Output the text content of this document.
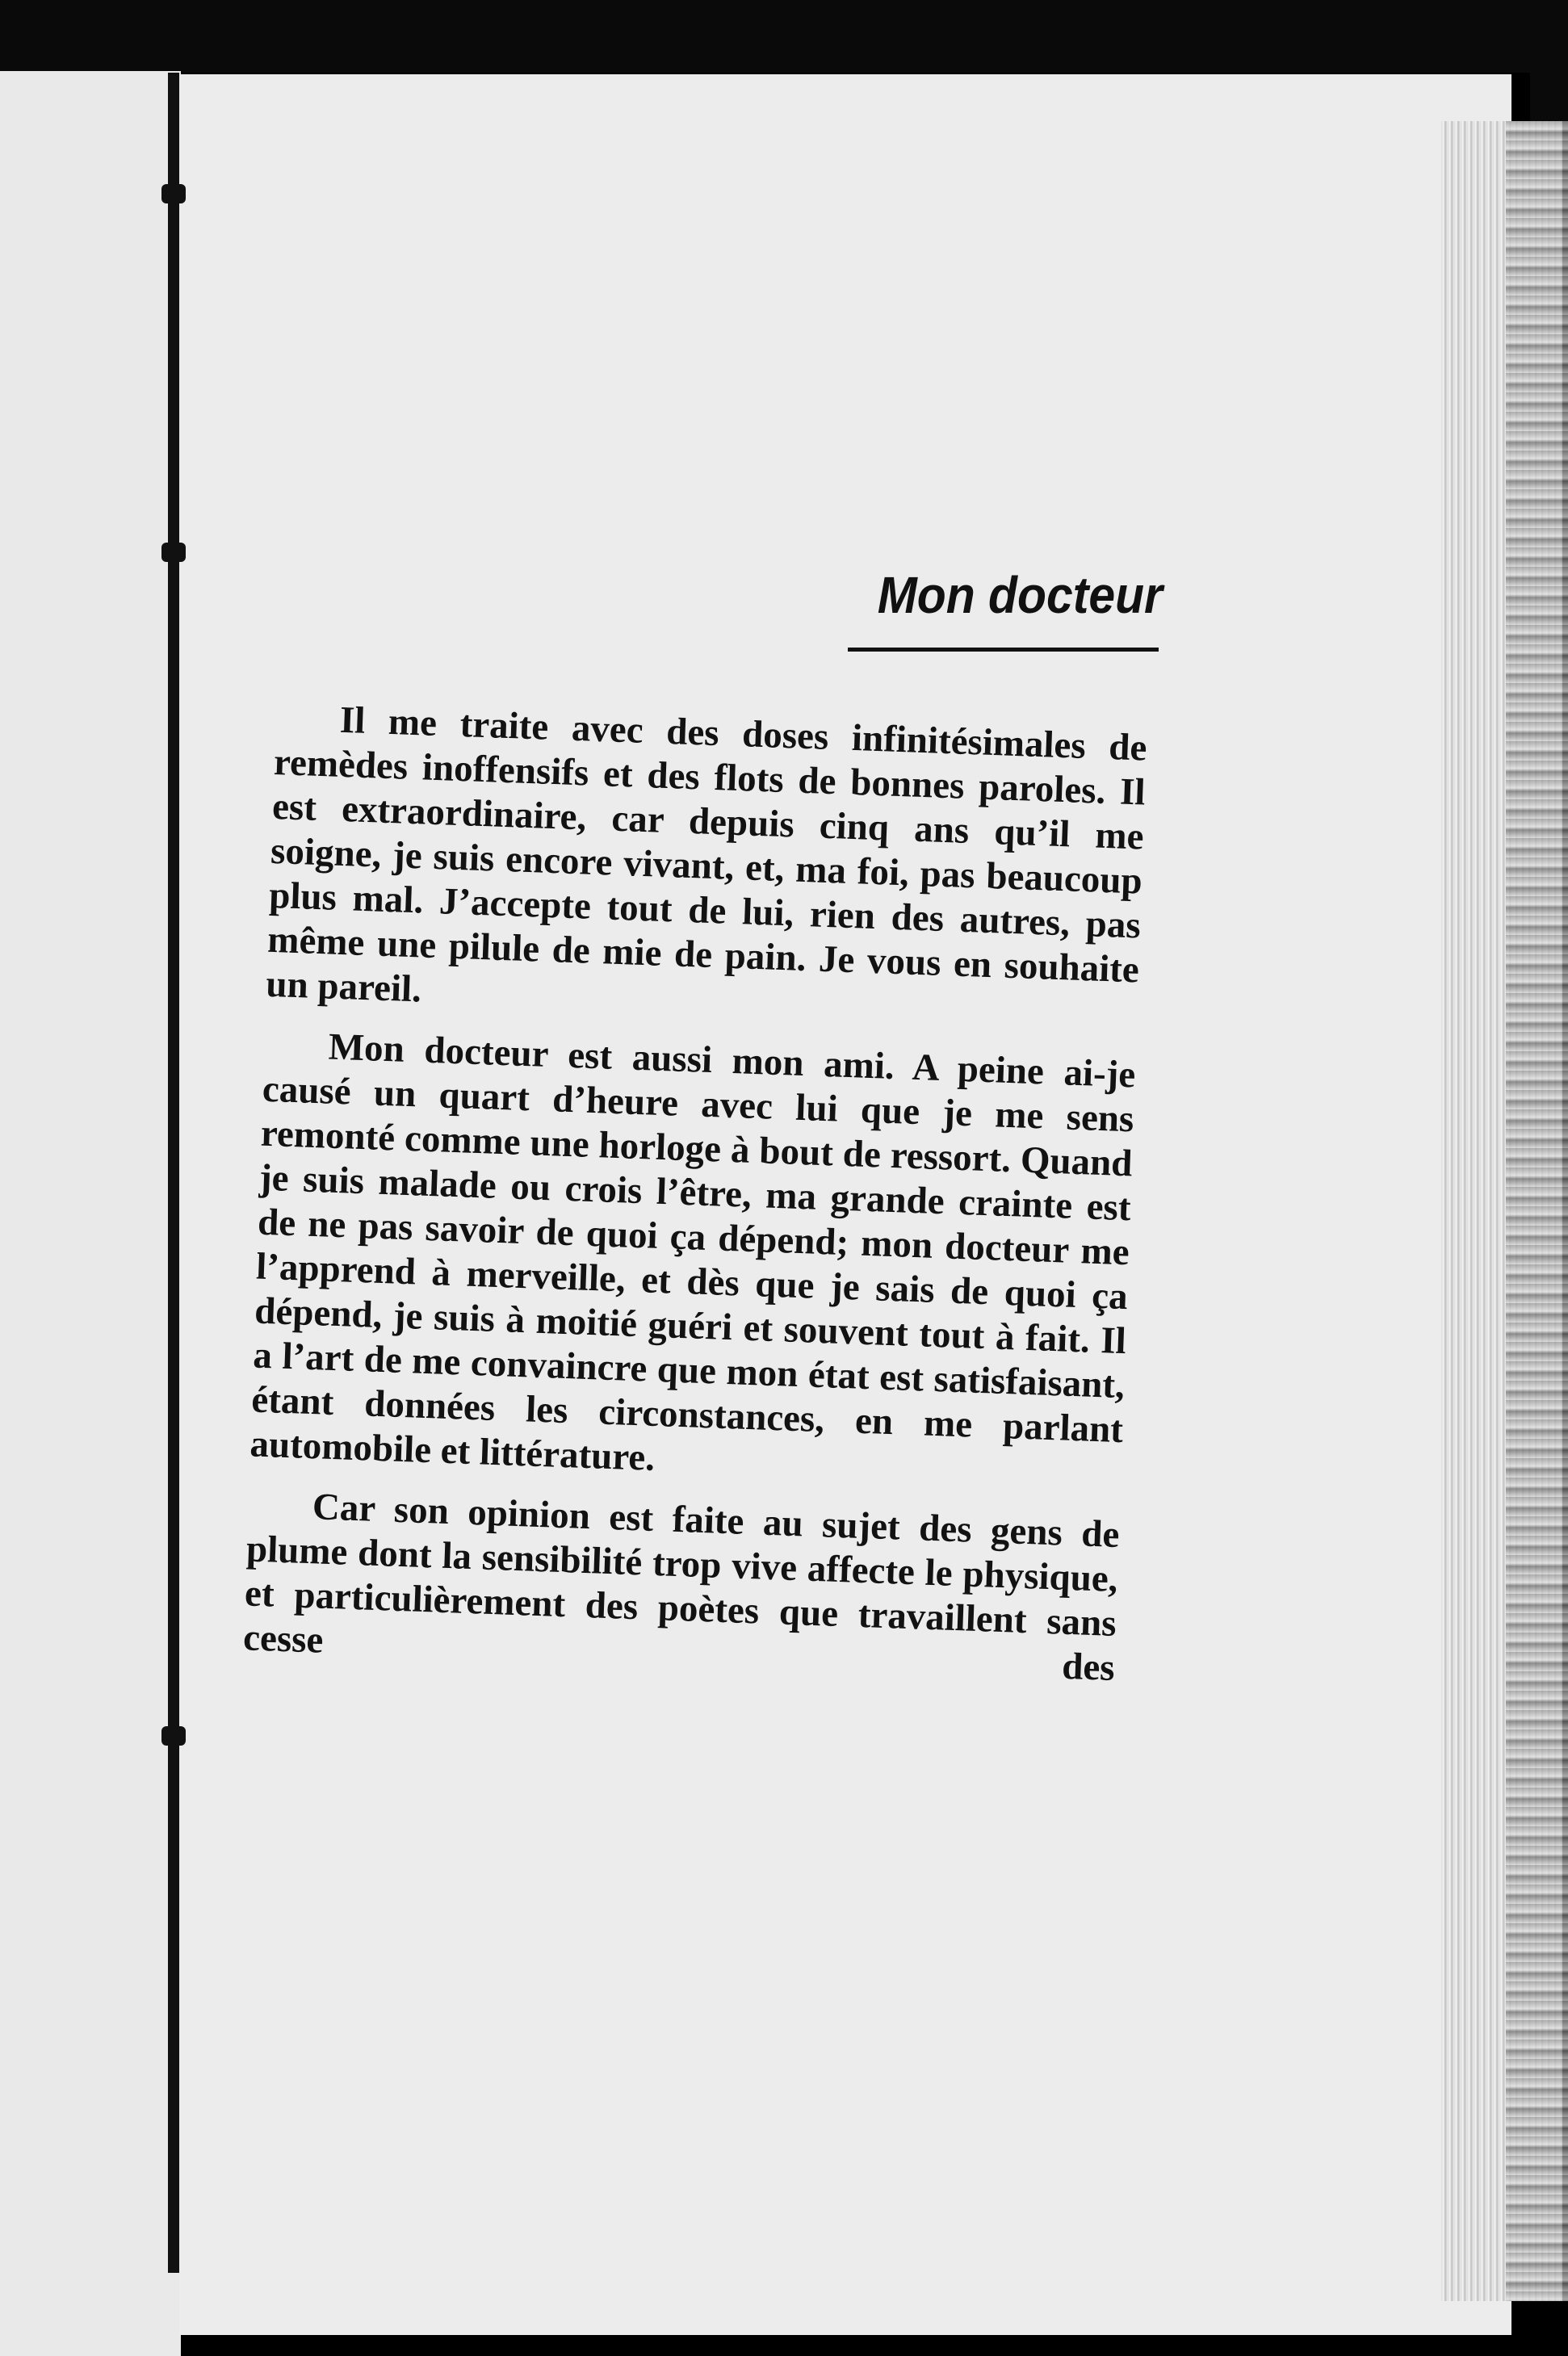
Mon docteur

Il me traite avec des doses infinitésimales de remèdes inoffensifs et des flots de bonnes paroles. Il est extraordinaire, car depuis cinq ans qu’il me soigne, je suis encore vivant, et, ma foi, pas beaucoup plus mal. J’accepte tout de lui, rien des autres, pas même une pilule de mie de pain. Je vous en souhaite un pareil.

Mon docteur est aussi mon ami. A peine ai-je causé un quart d’heure avec lui que je me sens remonté comme une horloge à bout de ressort. Quand je suis malade ou crois l’être, ma grande crainte est de ne pas savoir de quoi ça dépend; mon docteur me l’apprend à merveille, et dès que je sais de quoi ça dépend, je suis à moitié guéri et souvent tout à fait. Il a l’art de me convaincre que mon état est satisfaisant, étant données les circonstances, en me parlant automobile et littérature.

Car son opinion est faite au sujet des gens de plume dont la sensibilité trop vive affecte le physique, et particulièrement des poètes que travaillent sans cesse des
